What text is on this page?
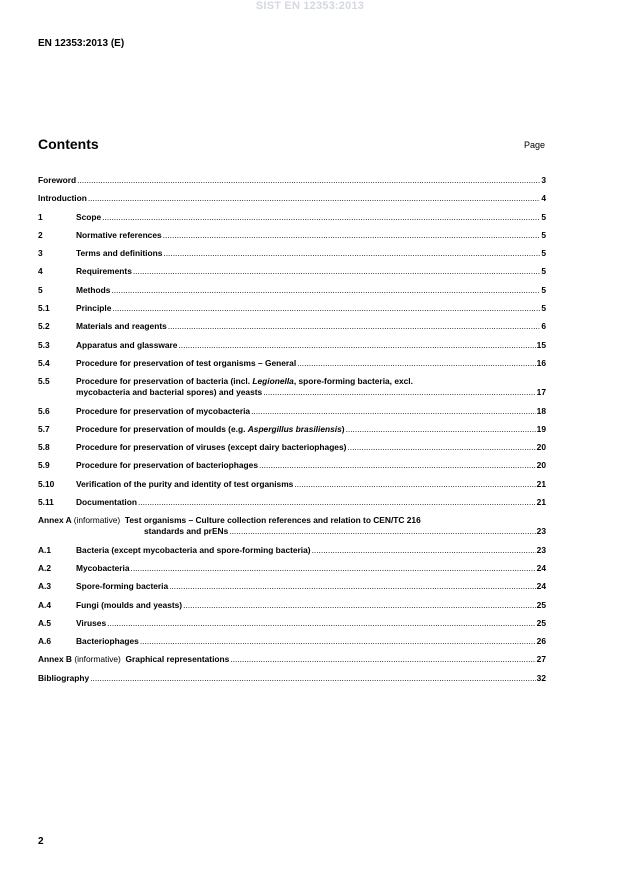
SIST EN 12353:2013
EN 12353:2013 (E)
Contents	Page
Foreword .....	3
Introduction .....	4
1	Scope .....	5
2	Normative references .....	5
3	Terms and definitions .....	5
4	Requirements .....	5
5	Methods .....	5
5.1	Principle .....	5
5.2	Materials and reagents .....	6
5.3	Apparatus and glassware .....	15
5.4	Procedure for preservation of test organisms – General .....	16
5.5	Procedure for preservation of bacteria (incl. Legionella, spore-forming bacteria, excl.
mycobacteria and bacterial spores) and yeasts .....	17
5.6	Procedure for preservation of mycobacteria .....	18
5.7	Procedure for preservation of moulds (e.g. Aspergillus brasiliensis) .....	19
5.8	Procedure for preservation of viruses (except dairy bacteriophages) .....	20
5.9	Procedure for preservation of bacteriophages .....	20
5.10	Verification of the purity and identity of test organisms .....	21
5.11	Documentation .....	21
Annex A (informative) Test organisms – Culture collection references and relation to CEN/TC 216
standards and prENs .....	23
A.1	Bacteria (except mycobacteria and spore-forming bacteria) .....	23
A.2	Mycobacteria .....	24
A.3	Spore-forming bacteria .....	24
A.4	Fungi (moulds and yeasts) .....	25
A.5	Viruses .....	25
A.6	Bacteriophages .....	26
Annex B (informative) Graphical representations .....	27
Bibliography .....	32
2
